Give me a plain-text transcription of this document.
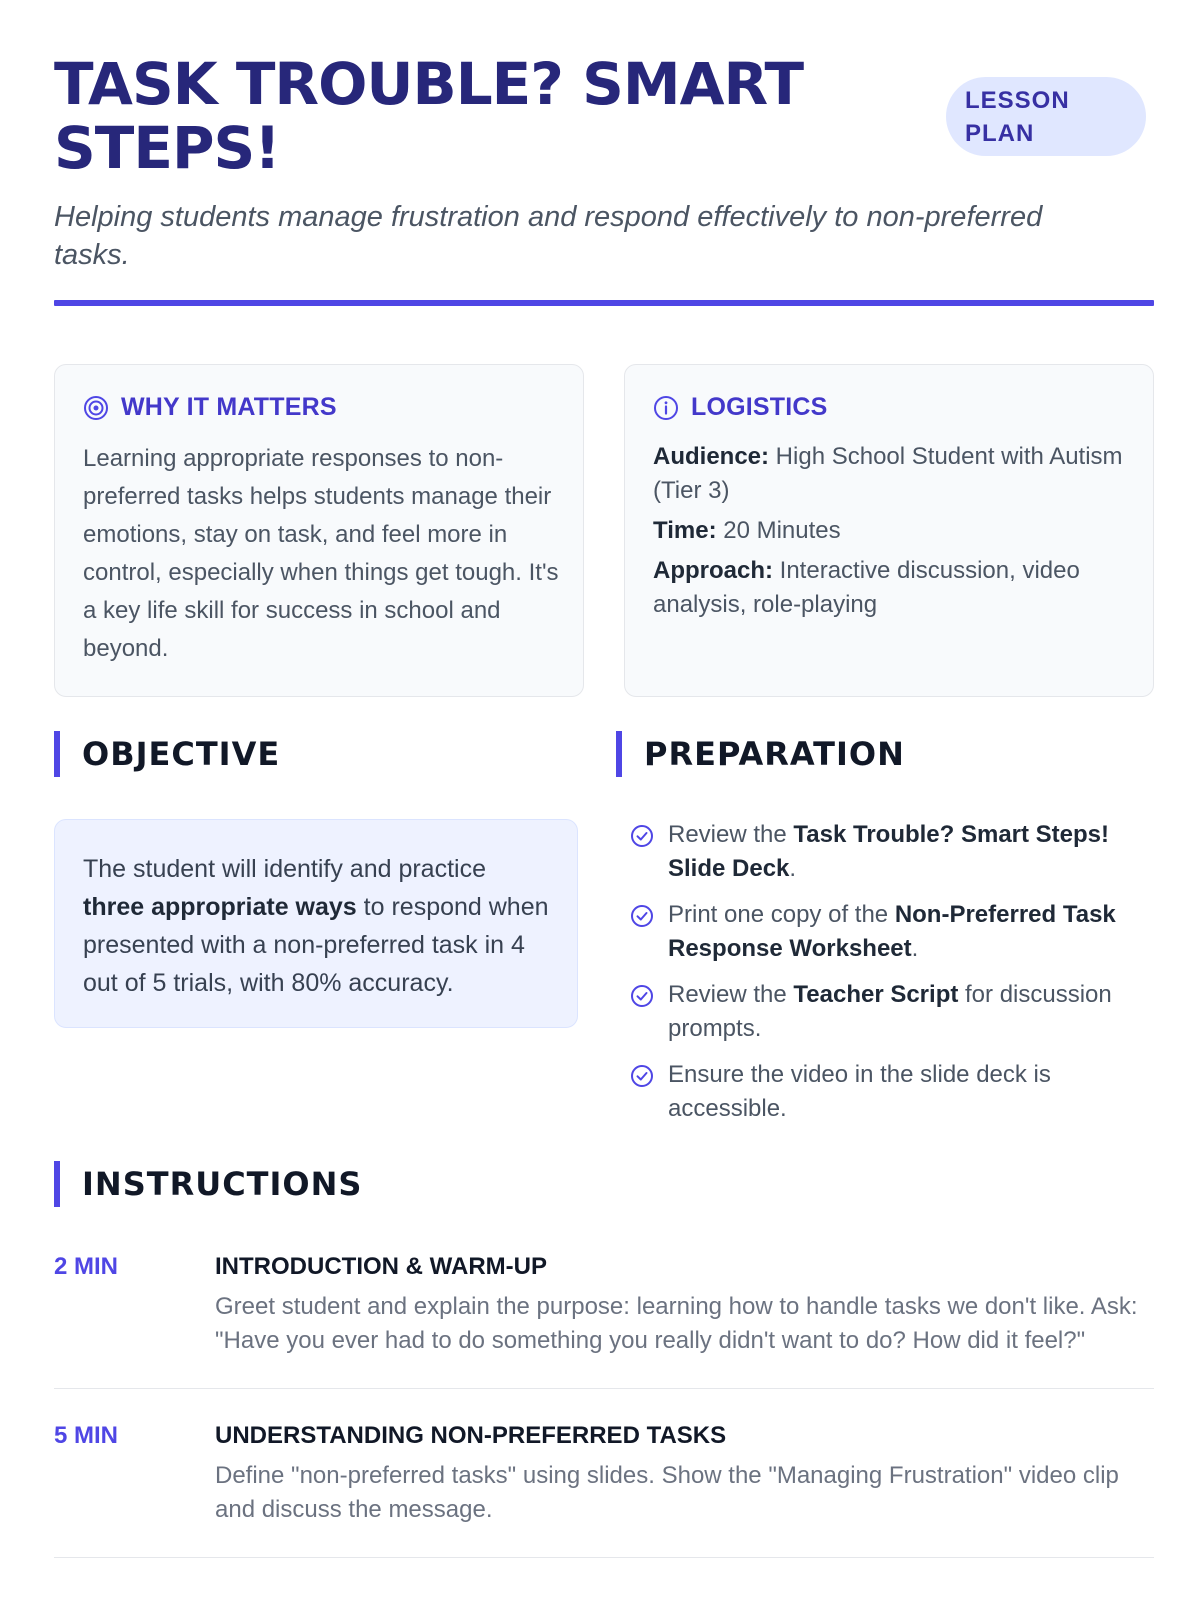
TASK TROUBLE? SMART STEPS!
LESSON
PLAN

Helping students manage frustration and respond effectively to non-preferred tasks.

WHY IT MATTERS

Learning appropriate responses to non-preferred tasks helps students manage their emotions, stay on task, and feel more in control, especially when things get tough. It's a key life skill for success in school and beyond.

LOGISTICS

Audience: High School Student with Autism (Tier 3)

Time: 20 Minutes

Approach: Interactive discussion, video analysis, role-playing

OBJECTIVE

The student will identify and practice three appropriate ways to respond when presented with a non-preferred task in 4 out of 5 trials, with 80% accuracy.

PREPARATION
Review the Task Trouble? Smart Steps! Slide Deck.
Print one copy of the Non-Preferred Task Response Worksheet.
Review the Teacher Script for discussion prompts.
Ensure the video in the slide deck is accessible.
INSTRUCTIONS
2 MIN	INTRODUCTION & WARM-UP
Greet student and explain the purpose: learning how to handle tasks we don't like. Ask: "Have you ever had to do something you really didn't want to do? How did it feel?"
5 MIN	UNDERSTANDING NON-PREFERRED TASKS
Define "non-preferred tasks" using slides. Show the "Managing Frustration" video clip and discuss the message.
